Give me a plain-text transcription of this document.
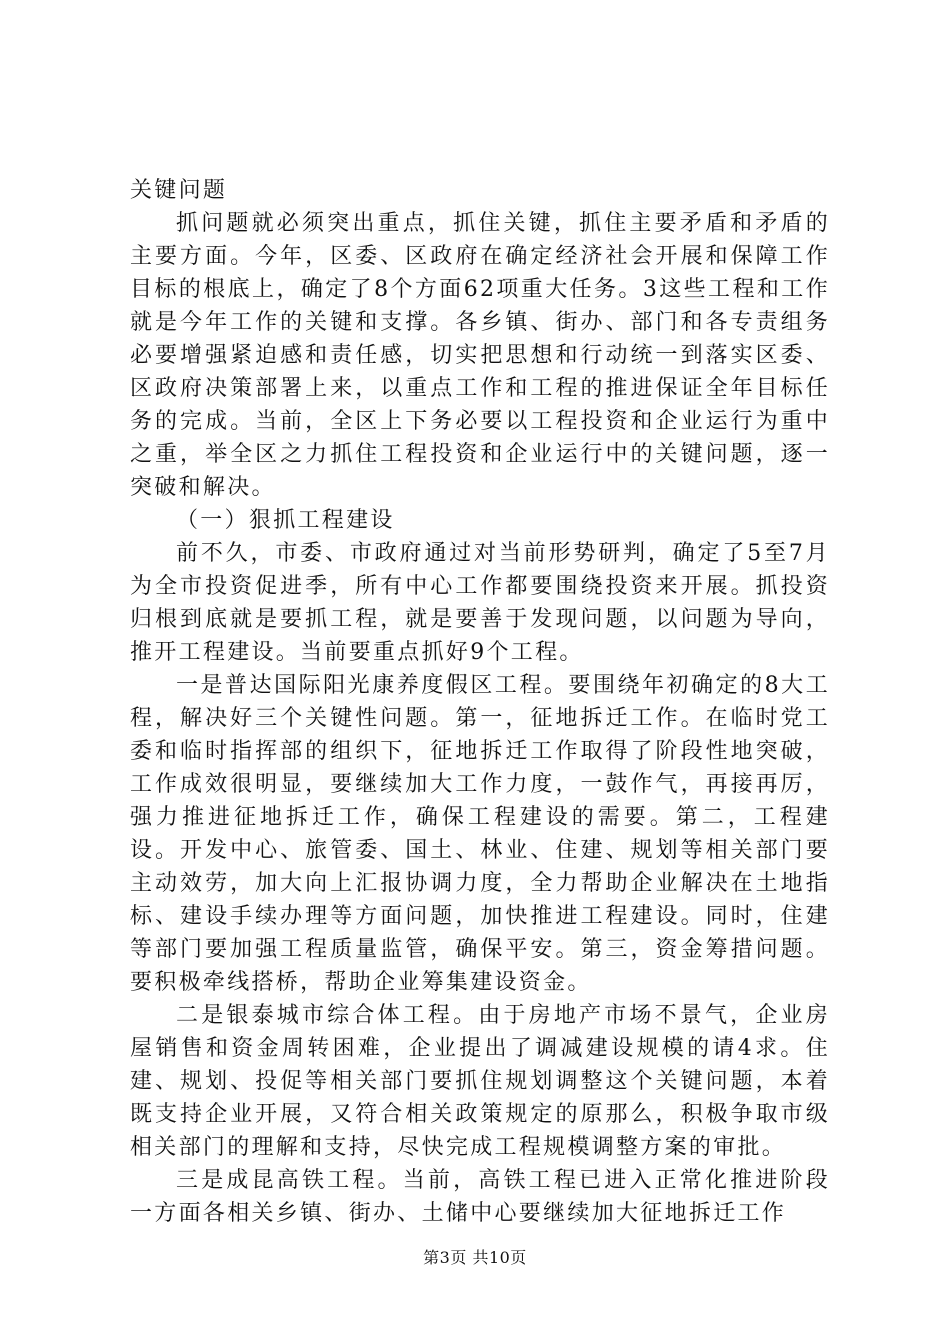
关键问题

抓问题就必须突出重点，抓住关键，抓住主要矛盾和矛盾的主要方面。今年，区委、区政府在确定经济社会开展和保障工作目标的根底上，确定了8个方面62项重大任务。3这些工程和工作就是今年工作的关键和支撑。各乡镇、街办、部门和各专责组务必要增强紧迫感和责任感，切实把思想和行动统一到落实区委、区政府决策部署上来，以重点工作和工程的推进保证全年目标任务的完成。当前，全区上下务必要以工程投资和企业运行为重中之重，举全区之力抓住工程投资和企业运行中的关键问题，逐一突破和解决。

（一）狠抓工程建设

前不久，市委、市政府通过对当前形势研判，确定了5至7月为全市投资促进季，所有中心工作都要围绕投资来开展。抓投资归根到底就是要抓工程，就是要善于发现问题，以问题为导向，推开工程建设。当前要重点抓好9个工程。

一是普达国际阳光康养度假区工程。要围绕年初确定的8大工程，解决好三个关键性问题。第一，征地拆迁工作。在临时党工委和临时指挥部的组织下，征地拆迁工作取得了阶段性地突破，工作成效很明显，要继续加大工作力度，一鼓作气，再接再厉，强力推进征地拆迁工作，确保工程建设的需要。第二，工程建设。开发中心、旅管委、国土、林业、住建、规划等相关部门要主动效劳，加大向上汇报协调力度，全力帮助企业解决在土地指标、建设手续办理等方面问题，加快推进工程建设。同时，住建等部门要加强工程质量监管，确保平安。第三，资金筹措问题。要积极牵线搭桥，帮助企业筹集建设资金。

二是银泰城市综合体工程。由于房地产市场不景气，企业房屋销售和资金周转困难，企业提出了调减建设规模的请4求。住建、规划、投促等相关部门要抓住规划调整这个关键问题，本着既支持企业开展，又符合相关政策规定的原那么，积极争取市级相关部门的理解和支持，尽快完成工程规模调整方案的审批。

三是成昆高铁工程。当前，高铁工程已进入正常化推进阶段一方面各相关乡镇、街办、土储中心要继续加大征地拆迁工作

第3页 共10页
